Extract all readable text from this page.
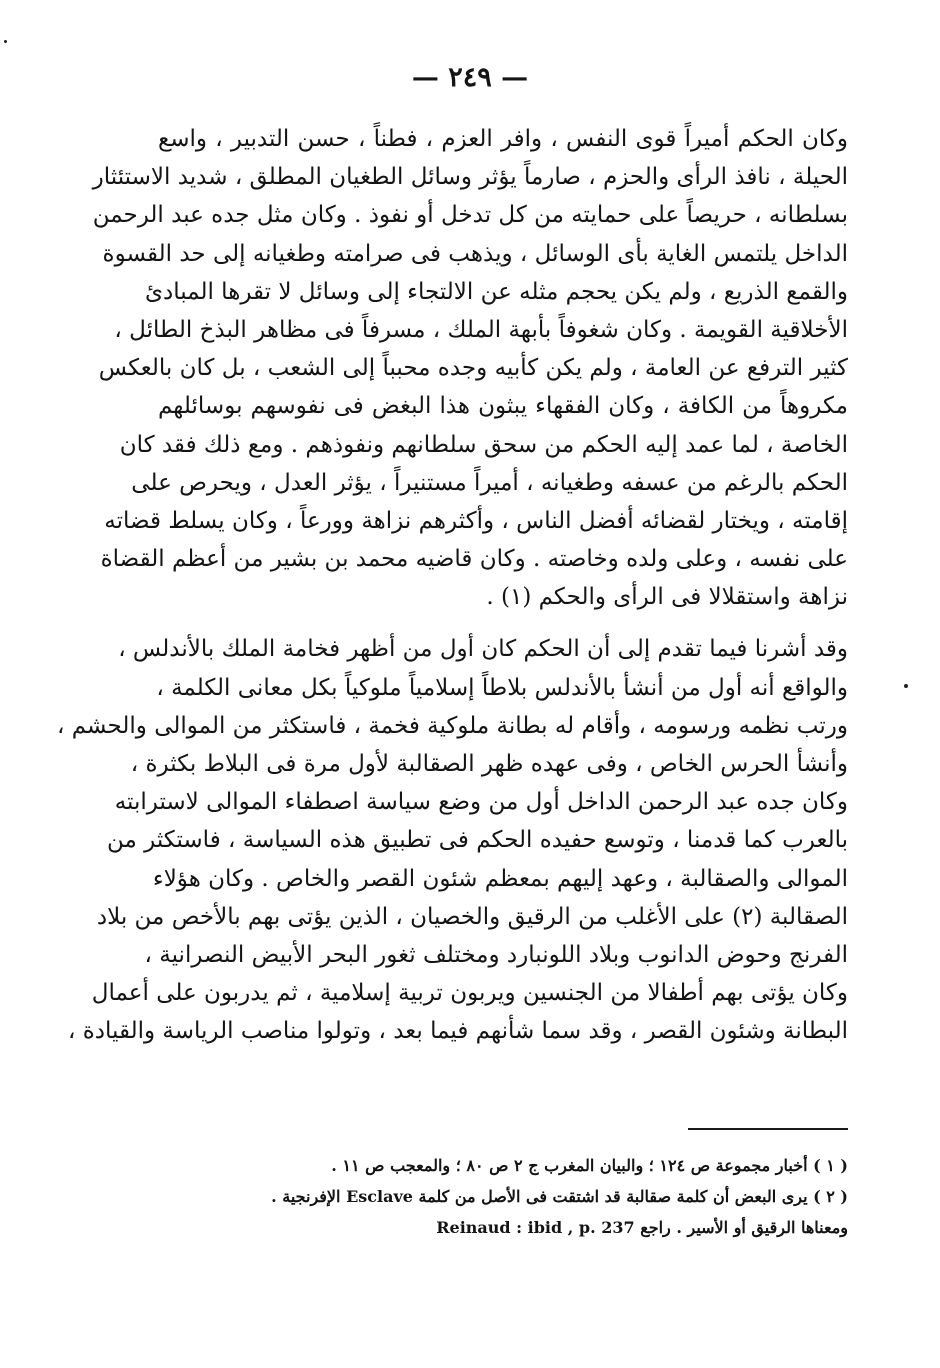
— ٢٤٩ —
وكان الحكم أميراً قوى النفس ، وافر العزم ، فطناً ، حسن التدبير ، واسع
الحيلة ، نافذ الرأى والحزم ، صارماً يؤثر وسائل الطغيان المطلق ، شديد الاستئثار
بسلطانه ، حريصاً على حمايته من كل تدخل أو نفوذ . وكان مثل جده عبد الرحمن
الداخل يلتمس الغاية بأى الوسائل ، ويذهب فى صرامته وطغيانه إلى حد القسوة
والقمع الذريع ، ولم يكن يحجم مثله عن الالتجاء إلى وسائل لا تقرها المبادئ
الأخلاقية القويمة . وكان شغوفاً بأبهة الملك ، مسرفاً فى مظاهر البذخ الطائل ،
كثير الترفع عن العامة ، ولم يكن كأبيه وجده محبباً إلى الشعب ، بل كان بالعكس
مكروهاً من الكافة ، وكان الفقهاء يبثون هذا البغض فى نفوسهم بوسائلهم
الخاصة ، لما عمد إليه الحكم من سحق سلطانهم ونفوذهم . ومع ذلك فقد كان
الحكم بالرغم من عسفه وطغيانه ، أميراً مستنيراً ، يؤثر العدل ، ويحرص على
إقامته ، ويختار لقضائه أفضل الناس ، وأكثرهم نزاهة وورعاً ، وكان يسلط قضاته
على نفسه ، وعلى ولده وخاصته . وكان قاضيه محمد بن بشير من أعظم القضاة
نزاهة واستقلالا فى الرأى والحكم (١) .
وقد أشرنا فيما تقدم إلى أن الحكم كان أول من أظهر فخامة الملك بالأندلس ،
والواقع أنه أول من أنشأ بالأندلس بلاطاً إسلامياً ملوكياً بكل معانى الكلمة ،
ورتب نظمه ورسومه ، وأقام له بطانة ملوكية فخمة ، فاستكثر من الموالى والحشم ،
وأنشأ الحرس الخاص ، وفى عهده ظهر الصقالبة لأول مرة فى البلاط بكثرة ،
وكان جده عبد الرحمن الداخل أول من وضع سياسة اصطفاء الموالى لاسترابته
بالعرب كما قدمنا ، وتوسع حفيده الحكم فى تطبيق هذه السياسة ، فاستكثر من
الموالى والصقالبة ، وعهد إليهم بمعظم شئون القصر والخاص . وكان هؤلاء
الصقالبة (٢) على الأغلب من الرقيق والخصيان ، الذين يؤتى بهم بالأخص من بلاد
الفرنج وحوض الدانوب وبلاد اللونبارد ومختلف ثغور البحر الأبيض النصرانية ،
وكان يؤتى بهم أطفالا من الجنسين ويربون تربية إسلامية ، ثم يدربون على أعمال
البطانة وشئون القصر ، وقد سما شأنهم فيما بعد ، وتولوا مناصب الرياسة والقيادة ،
( ١ ) أخبار مجموعة ص ١٢٤ ؛ والبيان المغرب ج ٢ ص ٨٠ ؛ والمعجب ص ١١ .
( ٢ ) يرى البعض أن كلمة صقالبة قد اشتقت فى الأصل من كلمة Esclave الإفرنجية .
ومعناها الرقيق أو الأسير . راجع Reinaud : ibid , p. 237
